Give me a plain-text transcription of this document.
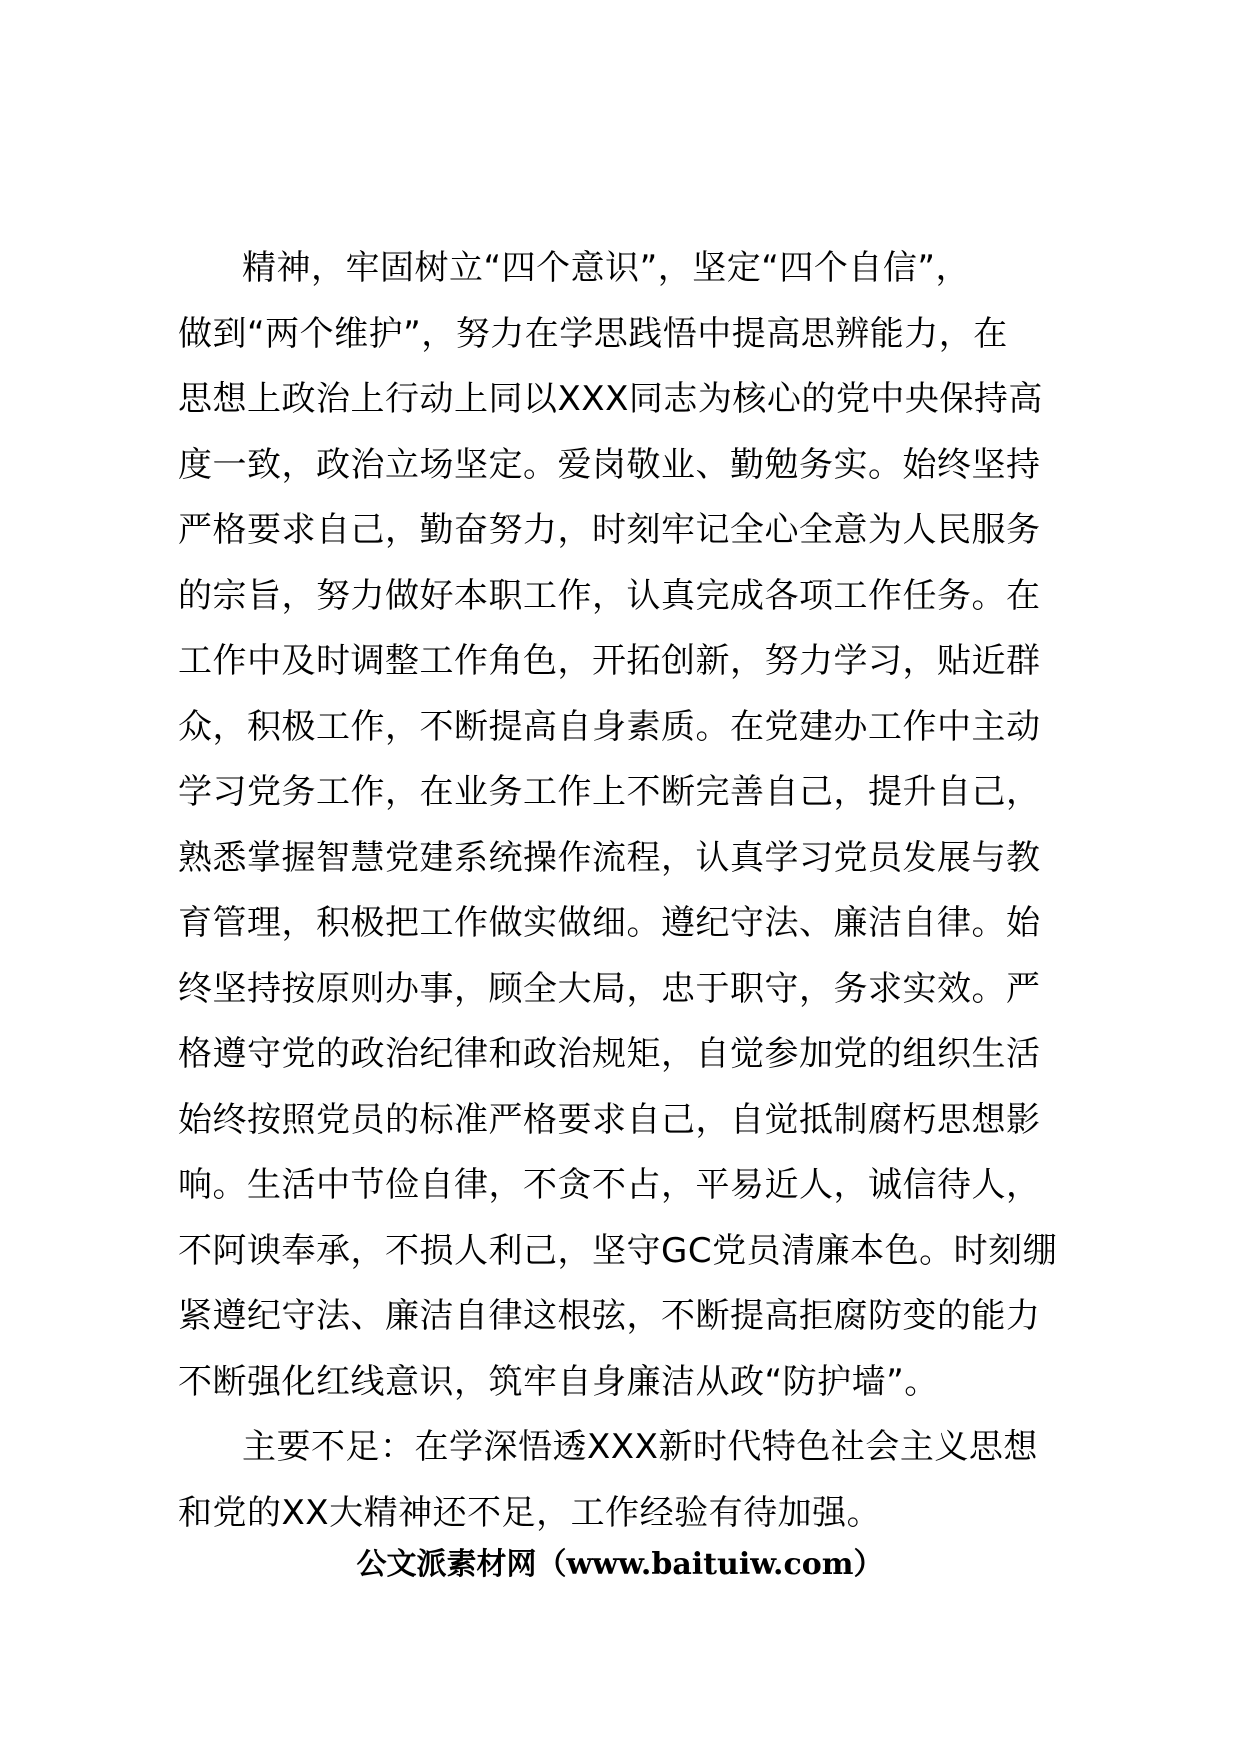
精神，牢固树立“四个意识”，坚定“四个自信”，
做到“两个维护”，努力在学思践悟中提高思辨能力，在
思想上政治上行动上同以XXX同志为核心的党中央保持高
度一致，政治立场坚定。爱岗敬业、勤勉务实。始终坚持
严格要求自己，勤奋努力，时刻牢记全心全意为人民服务
的宗旨，努力做好本职工作，认真完成各项工作任务。在
工作中及时调整工作角色，开拓创新，努力学习，贴近群
众，积极工作，不断提高自身素质。在党建办工作中主动
学习党务工作，在业务工作上不断完善自己，提升自己，
熟悉掌握智慧党建系统操作流程，认真学习党员发展与教
育管理，积极把工作做实做细。遵纪守法、廉洁自律。始
终坚持按原则办事，顾全大局，忠于职守，务求实效。严
格遵守党的政治纪律和政治规矩，自觉参加党的组织生活
始终按照党员的标准严格要求自己，自觉抵制腐朽思想影
响。生活中节俭自律，不贪不占，平易近人，诚信待人，
不阿谀奉承，不损人利己，坚守GC党员清廉本色。时刻绷
紧遵纪守法、廉洁自律这根弦，不断提高拒腐防变的能力
不断强化红线意识，筑牢自身廉洁从政“防护墙”。
主要不足：在学深悟透XXX新时代特色社会主义思想
和党的XX大精神还不足，工作经验有待加强。
公文派素材网（www.baituiw.com）
